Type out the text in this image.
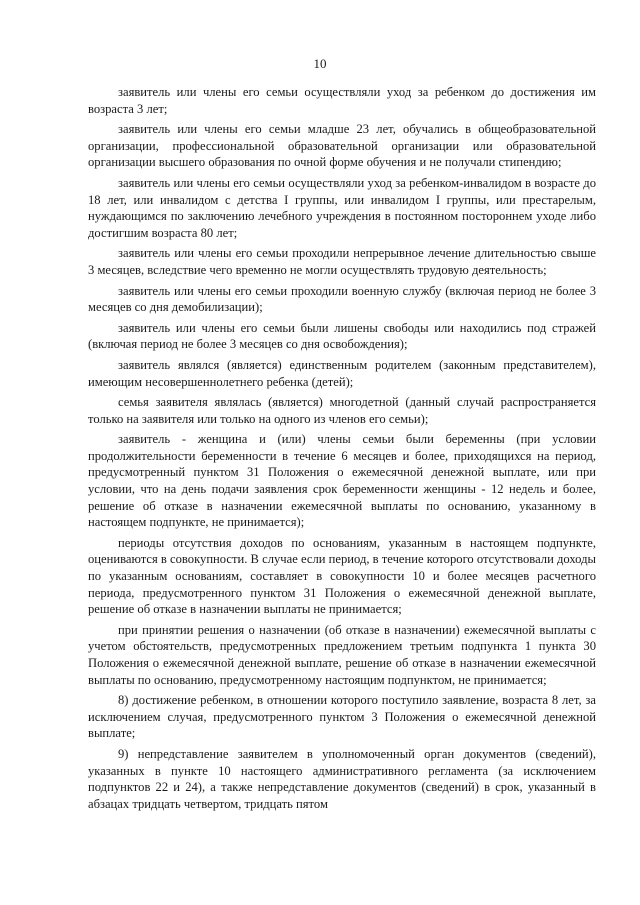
10

заявитель или члены его семьи осуществляли уход за ребенком до достижения им возраста 3 лет;

заявитель или члены его семьи младше 23 лет, обучались в общеобразовательной организации, профессиональной образовательной организации или образовательной организации высшего образования по очной форме обучения и не получали стипендию;

заявитель или члены его семьи осуществляли уход за ребенком-инвалидом в возрасте до 18 лет, или инвалидом с детства I группы, или инвалидом I группы, или престарелым, нуждающимся по заключению лечебного учреждения в постоянном постороннем уходе либо достигшим возраста 80 лет;

заявитель или члены его семьи проходили непрерывное лечение длительностью свыше 3 месяцев, вследствие чего временно не могли осуществлять трудовую деятельность;

заявитель или члены его семьи проходили военную службу (включая период не более 3 месяцев со дня демобилизации);

заявитель или члены его семьи были лишены свободы или находились под стражей (включая период не более 3 месяцев со дня освобождения);

заявитель являлся (является) единственным родителем (законным представителем), имеющим несовершеннолетнего ребенка (детей);

семья заявителя являлась (является) многодетной (данный случай распространяется только на заявителя или только на одного из членов его семьи);

заявитель - женщина и (или) члены семьи были беременны (при условии продолжительности беременности в течение 6 месяцев и более, приходящихся на период, предусмотренный пунктом 31 Положения о ежемесячной денежной выплате, или при условии, что на день подачи заявления срок беременности женщины - 12 недель и более, решение об отказе в назначении ежемесячной выплаты по основанию, указанному в настоящем подпункте, не принимается);

периоды отсутствия доходов по основаниям, указанным в настоящем подпункте, оцениваются в совокупности. В случае если период, в течение которого отсутствовали доходы по указанным основаниям, составляет в совокупности 10 и более месяцев расчетного периода, предусмотренного пунктом 31 Положения о ежемесячной денежной выплате, решение об отказе в назначении выплаты не принимается;

при принятии решения о назначении (об отказе в назначении) ежемесячной выплаты с учетом обстоятельств, предусмотренных предложением третьим подпункта 1 пункта 30 Положения о ежемесячной денежной выплате, решение об отказе в назначении ежемесячной выплаты по основанию, предусмотренному настоящим подпунктом, не принимается;

8) достижение ребенком, в отношении которого поступило заявление, возраста 8 лет, за исключением случая, предусмотренного пунктом 3 Положения о ежемесячной денежной выплате;

9) непредставление заявителем в уполномоченный орган документов (сведений), указанных в пункте 10 настоящего административного регламента (за исключением подпунктов 22 и 24), а также непредставление документов (сведений) в срок, указанный в абзацах тридцать четвертом, тридцать пятом
